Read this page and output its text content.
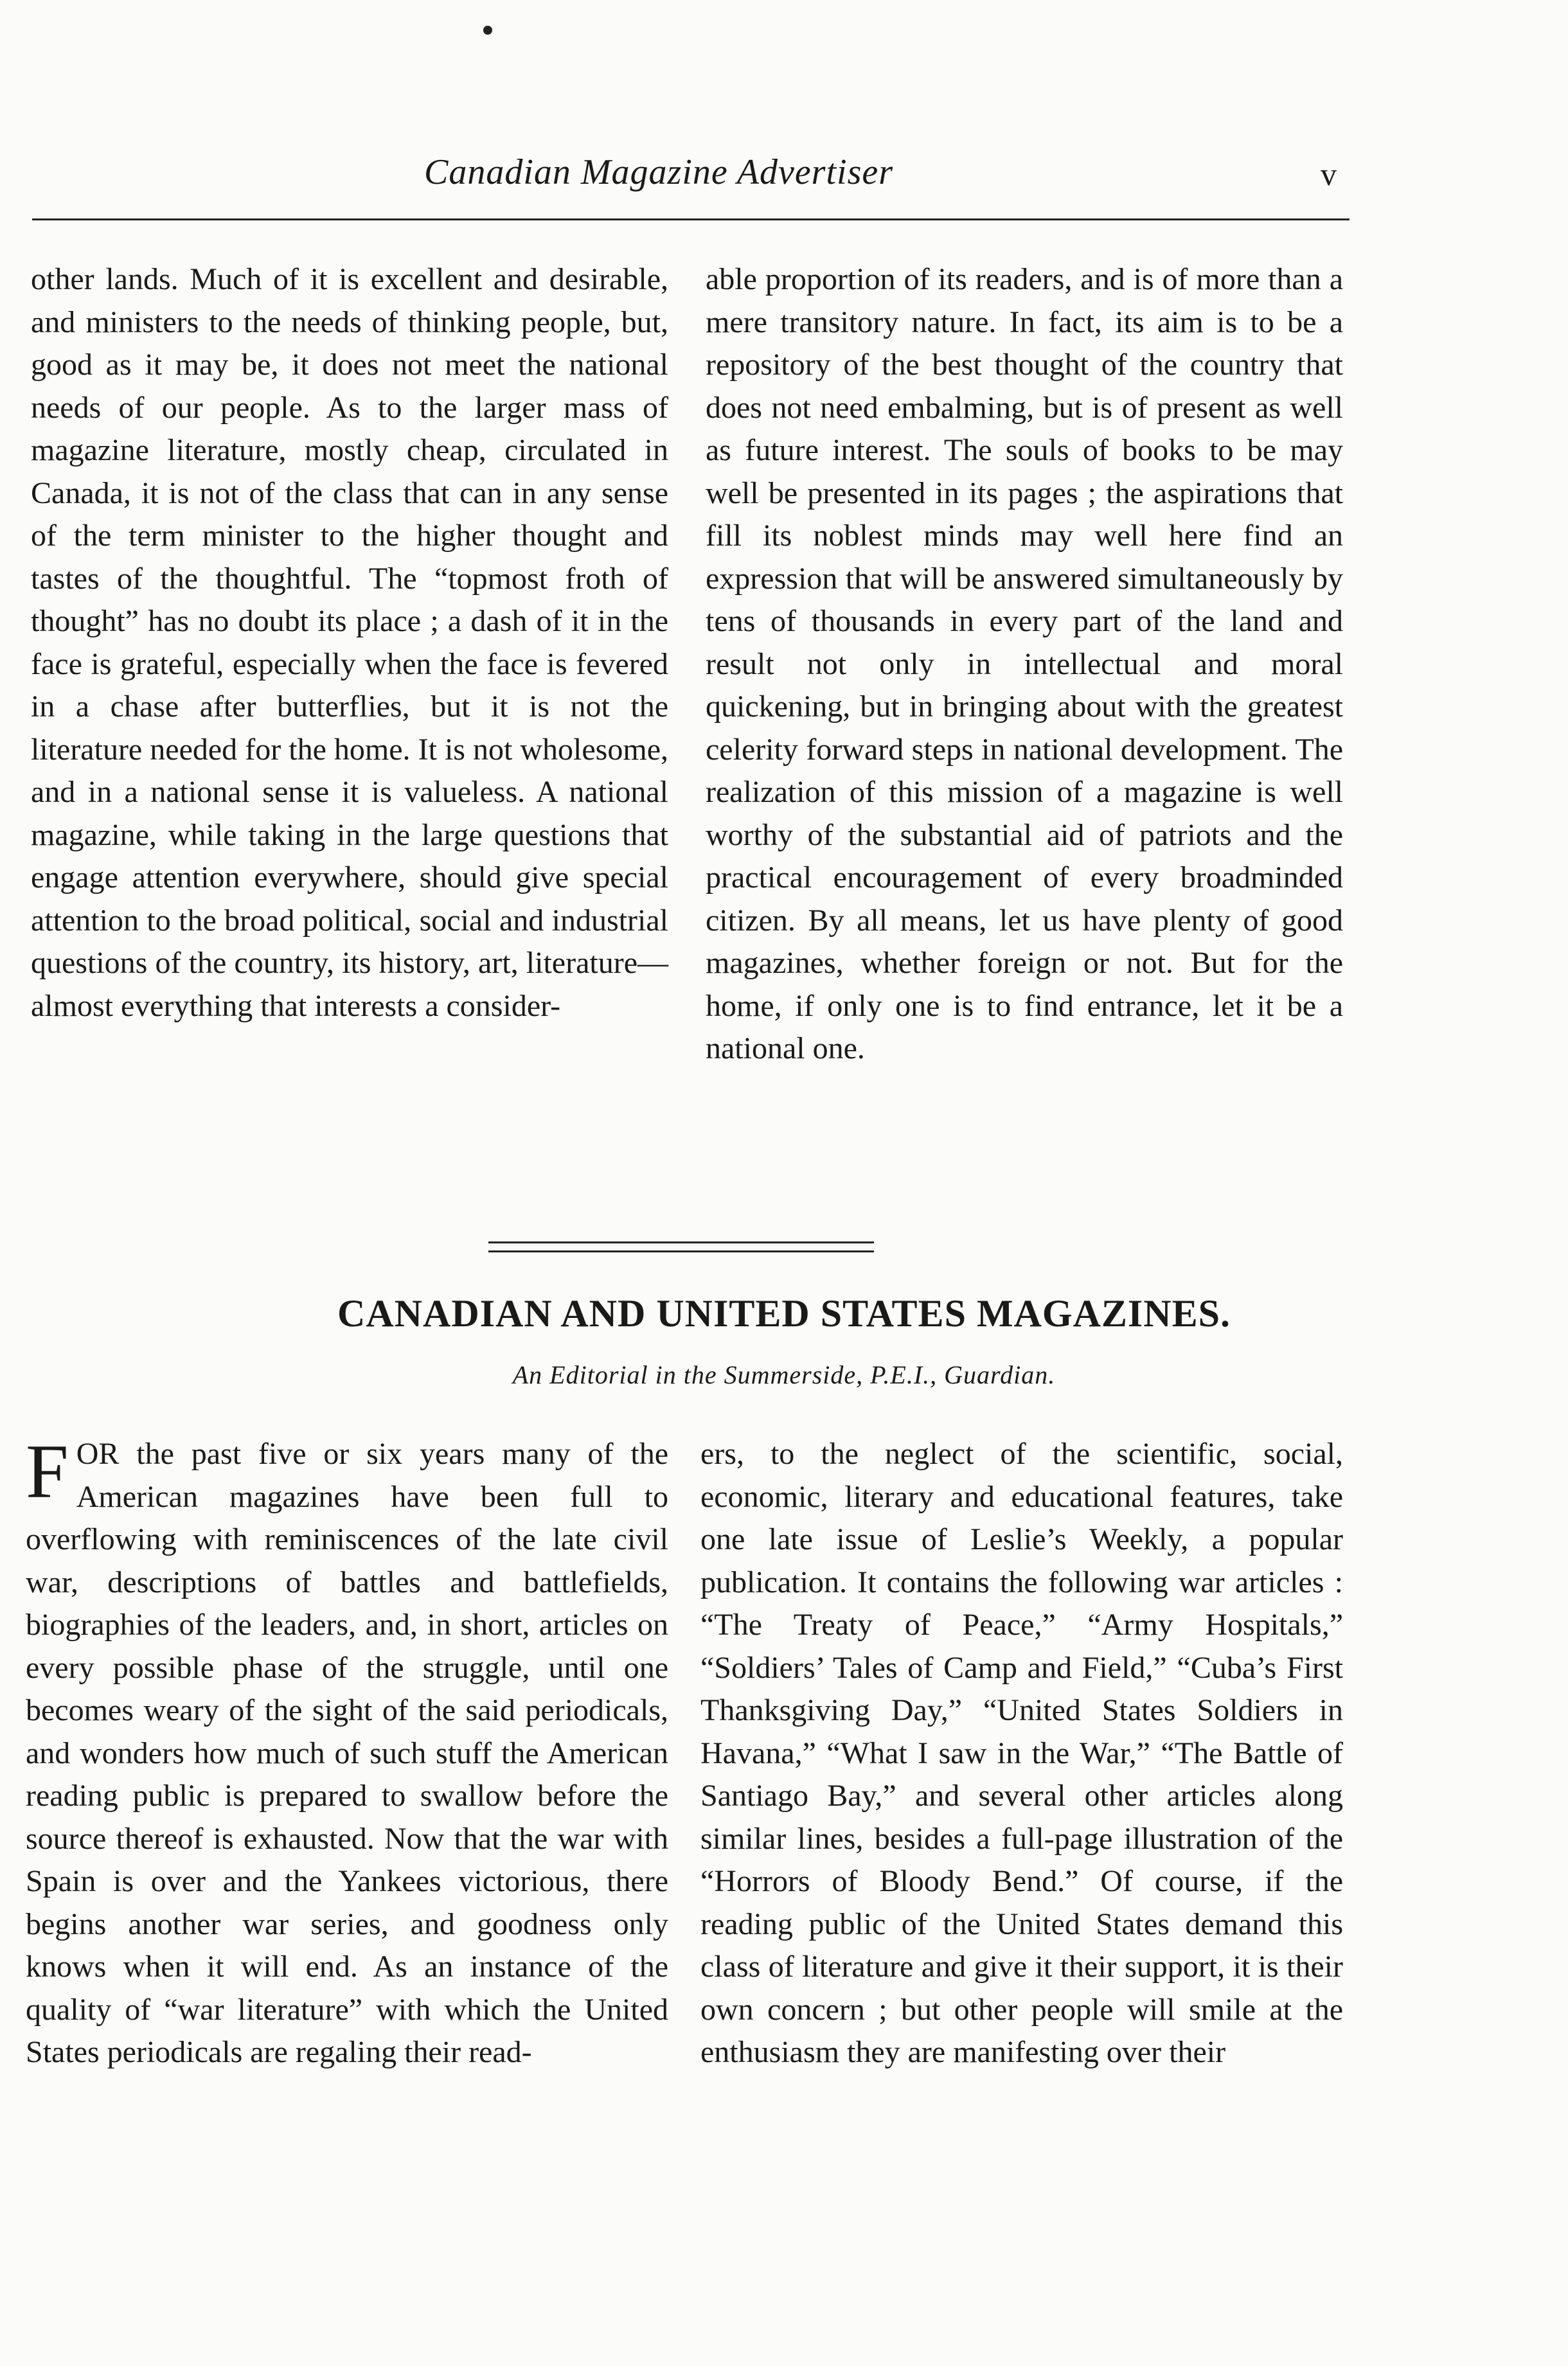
Canadian Magazine Advertiser	v

other lands. Much of it is excellent and desirable, and ministers to the needs of thinking people, but, good as it may be, it does not meet the national needs of our people. As to the larger mass of magazine literature, mostly cheap, circulated in Canada, it is not of the class that can in any sense of the term minister to the higher thought and tastes of the thoughtful. The “topmost froth of thought” has no doubt its place ; a dash of it in the face is grateful, especially when the face is fevered in a chase after butterflies, but it is not the literature needed for the home. It is not wholesome, and in a national sense it is valueless. A national magazine, while taking in the large questions that engage attention everywhere, should give special attention to the broad political, social and industrial questions of the country, its history, art, literature—almost everything that interests a consider-

able proportion of its readers, and is of more than a mere transitory nature. In fact, its aim is to be a repository of the best thought of the country that does not need embalming, but is of present as well as future interest. The souls of books to be may well be presented in its pages ; the aspirations that fill its noblest minds may well here find an expression that will be answered simultaneously by tens of thousands in every part of the land and result not only in intellectual and moral quickening, but in bringing about with the greatest celerity forward steps in national development. The realization of this mission of a magazine is well worthy of the substantial aid of patriots and the practical encouragement of every broadminded citizen. By all means, let us have plenty of good magazines, whether foreign or not. But for the home, if only one is to find entrance, let it be a national one.

CANADIAN AND UNITED STATES MAGAZINES.
An Editorial in the Summerside, P.E.I., Guardian.

FOR the past five or six years many of the American magazines have been full to overflowing with reminiscences of the late civil war, descriptions of battles and battlefields, biographies of the leaders, and, in short, articles on every possible phase of the struggle, until one becomes weary of the sight of the said periodicals, and wonders how much of such stuff the American reading public is prepared to swallow before the source thereof is exhausted. Now that the war with Spain is over and the Yankees victorious, there begins another war series, and goodness only knows when it will end. As an instance of the quality of “war literature” with which the United States periodicals are regaling their read-

ers, to the neglect of the scientific, social, economic, literary and educational features, take one late issue of Leslie’s Weekly, a popular publication. It contains the following war articles : “The Treaty of Peace,” “Army Hospitals,” “Soldiers’ Tales of Camp and Field,” “Cuba’s First Thanksgiving Day,” “United States Soldiers in Havana,” “What I saw in the War,” “The Battle of Santiago Bay,” and several other articles along similar lines, besides a full-page illustration of the “Horrors of Bloody Bend.” Of course, if the reading public of the United States demand this class of literature and give it their support, it is their own concern ; but other people will smile at the enthusiasm they are manifesting over their
